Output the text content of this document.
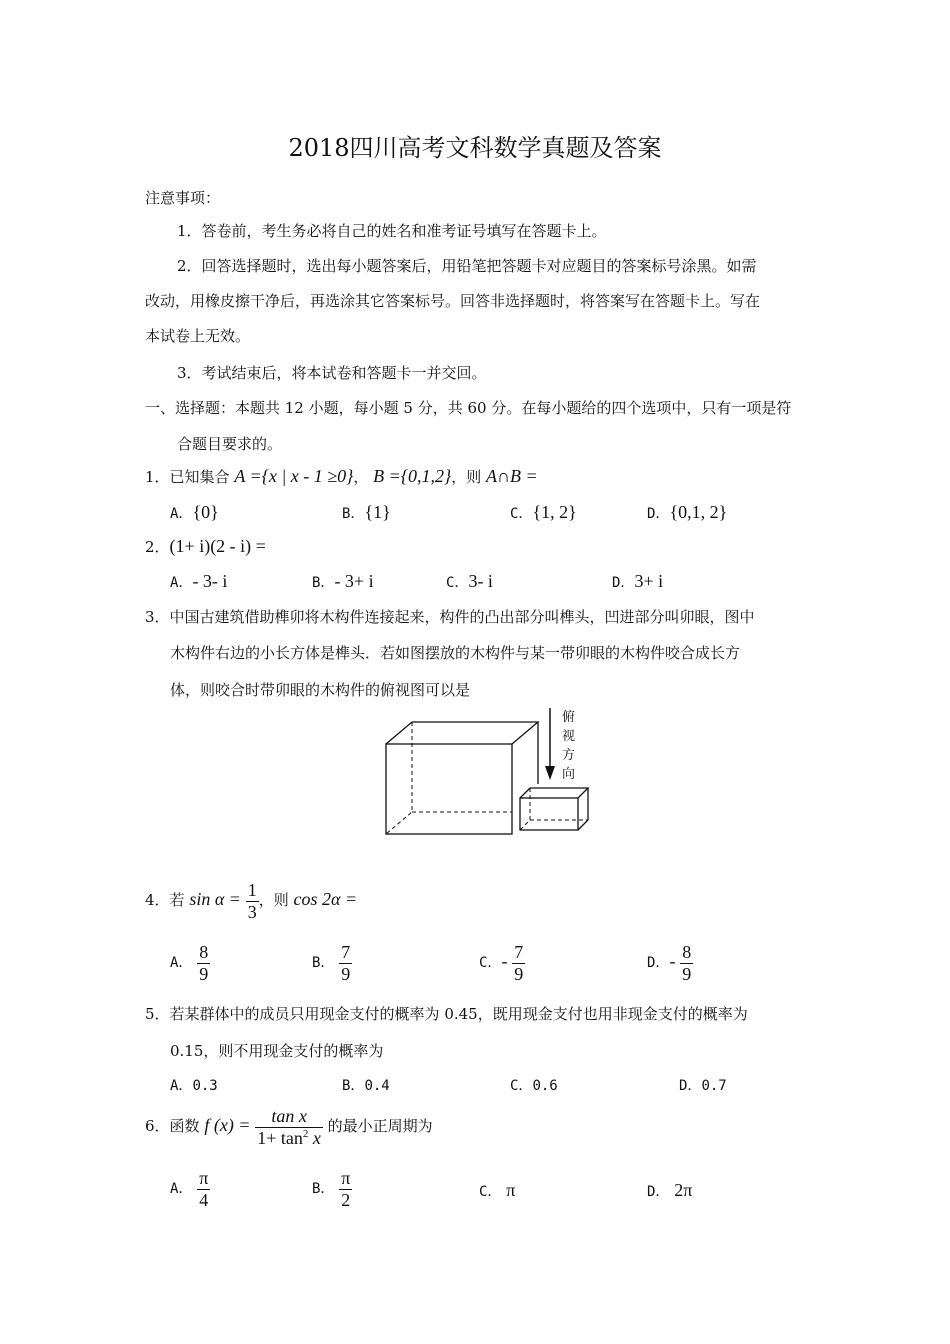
2018四川高考文科数学真题及答案
注意事项：
1．答卷前，考生务必将自己的姓名和准考证号填写在答题卡上。
2．回答选择题时，选出每小题答案后，用铅笔把答题卡对应题目的答案标号涂黑。如需
改动，用橡皮擦干净后，再选涂其它答案标号。回答非选择题时，将答案写在答题卡上。写在
本试卷上无效。
3．考试结束后，将本试卷和答题卡一并交回。
一、选择题：本题共 12 小题，每小题 5 分，共 60 分。在每小题给的四个选项中，只有一项是符
合题目要求的。
1．已知集合 A ={x | x - 1 ≥0}， B ={0,1,2}，则 A∩B =
A．{0}	B．{1}	C．{1, 2}	D．{0,1, 2}
2．(1+ i)(2 - i) =
A．- 3- i	B．- 3+ i	C．3- i	D．3+ i
3．中国古建筑借助榫卯将木构件连接起来，构件的凸出部分叫榫头，凹进部分叫卯眼，图中
木构件右边的小长方体是榫头．若如图摆放的木构件与某一带卯眼的木构件咬合成长方
体，则咬合时带卯眼的木构件的俯视图可以是
俯
视
方
向
4．若 $\sin \alpha = \frac{1}{3}$ ，则 cos 2α =
A． $\frac{8}{9}$	B． $\frac{7}{9}$	C．- $\frac{7}{9}$	D．- $\frac{8}{9}$
5．若某群体中的成员只用现金支付的概率为 0.45，既用现金支付也用非现金支付的概率为
0.15，则不用现金支付的概率为
A．0.3	B．0.4	C．0.6	D．0.7
6．函数 f $(x) = \frac{\text{tan x}}{1+ \tan^2 x}$ 的最小正周期为
A． $\frac{\pi}{4}$	B． $\frac{\pi}{2}$	C． π	D． 2π
